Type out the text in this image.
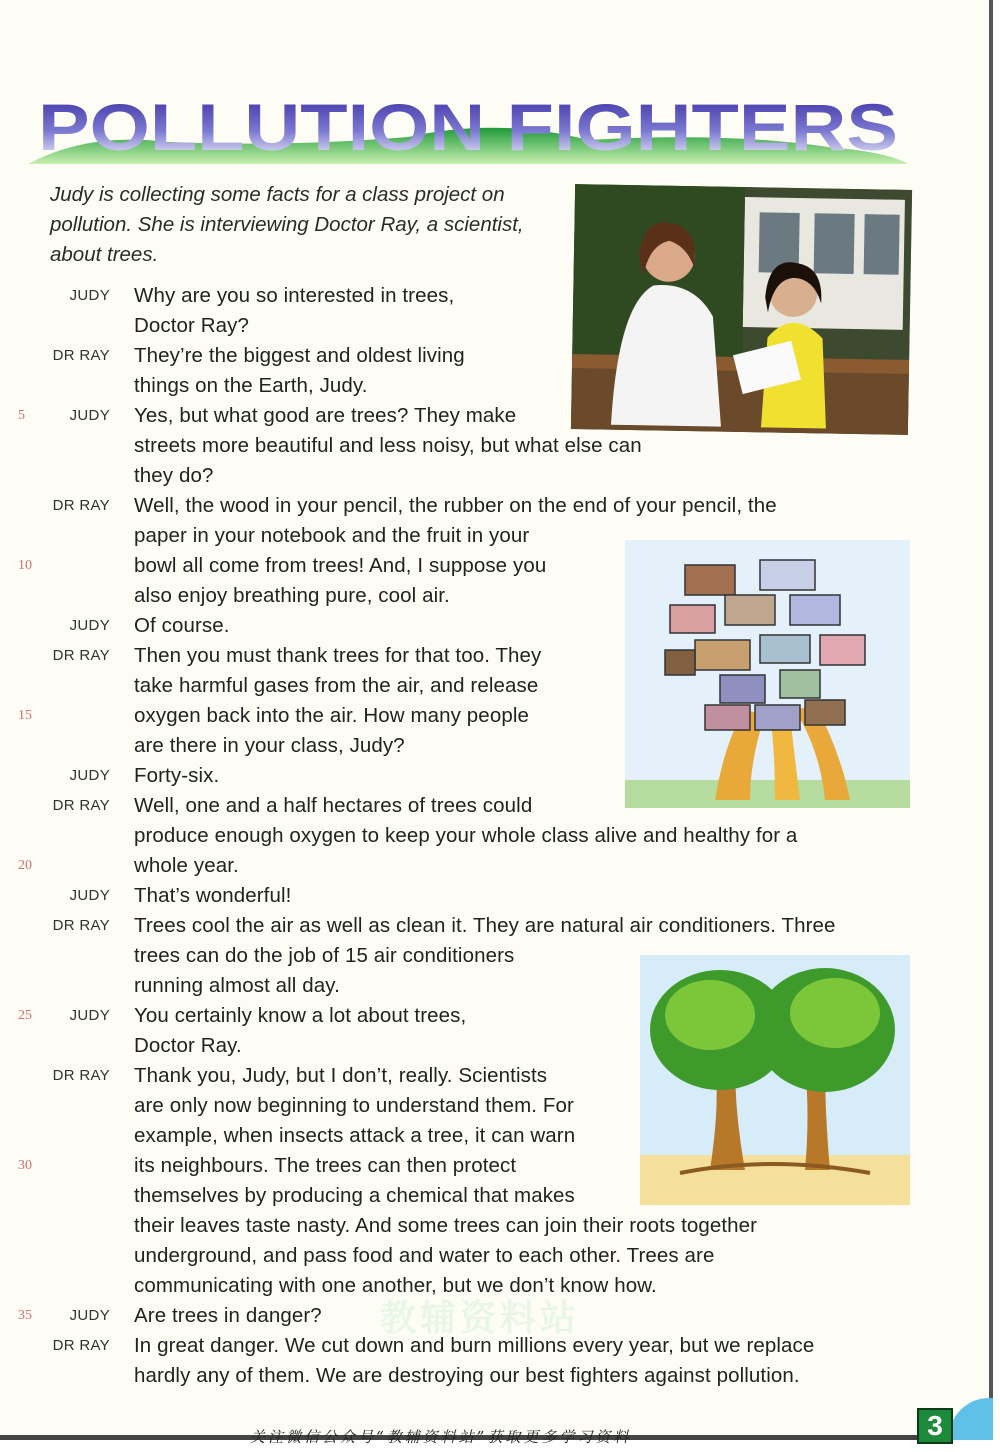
POLLUTION FIGHTERS
Judy is collecting some facts for a class project on pollution. She is interviewing Doctor Ray, a scientist, about trees.
JUDY Why are you so interested in trees,
Doctor Ray?
DR RAY They’re the biggest and oldest living
things on the Earth, Judy.
5	JUDY Yes, but what good are trees? They make
streets more beautiful and less noisy, but what else can
they do?
DR RAY Well, the wood in your pencil, the rubber on the end of your pencil, the
paper in your notebook and the fruit in your
10	bowl all come from trees! And, I suppose you
also enjoy breathing pure, cool air.
JUDY Of course.
DR RAY Then you must thank trees for that too. They
take harmful gases from the air, and release
15	oxygen back into the air. How many people
are there in your class, Judy?
JUDY Forty-six.
DR RAY Well, one and a half hectares of trees could
produce enough oxygen to keep your whole class alive and healthy for a
20	whole year.
JUDY That’s wonderful!
DR RAY Trees cool the air as well as clean it. They are natural air conditioners. Three
trees can do the job of 15 air conditioners
running almost all day.
25	JUDY You certainly know a lot about trees,
Doctor Ray.
DR RAY Thank you, Judy, but I don’t, really. Scientists
are only now beginning to understand them. For
example, when insects attack a tree, it can warn
30	its neighbours. The trees can then protect
themselves by producing a chemical that makes
their leaves taste nasty. And some trees can join their roots together
underground, and pass food and water to each other. Trees are
communicating with one another, but we don’t know how.
35	JUDY Are trees in danger?
DR RAY In great danger. We cut down and burn millions every year, but we replace
hardly any of them. We are destroying our best fighters against pollution.
教辅资料站
关注微信公众号“教辅资料站”获取更多学习资料	3
